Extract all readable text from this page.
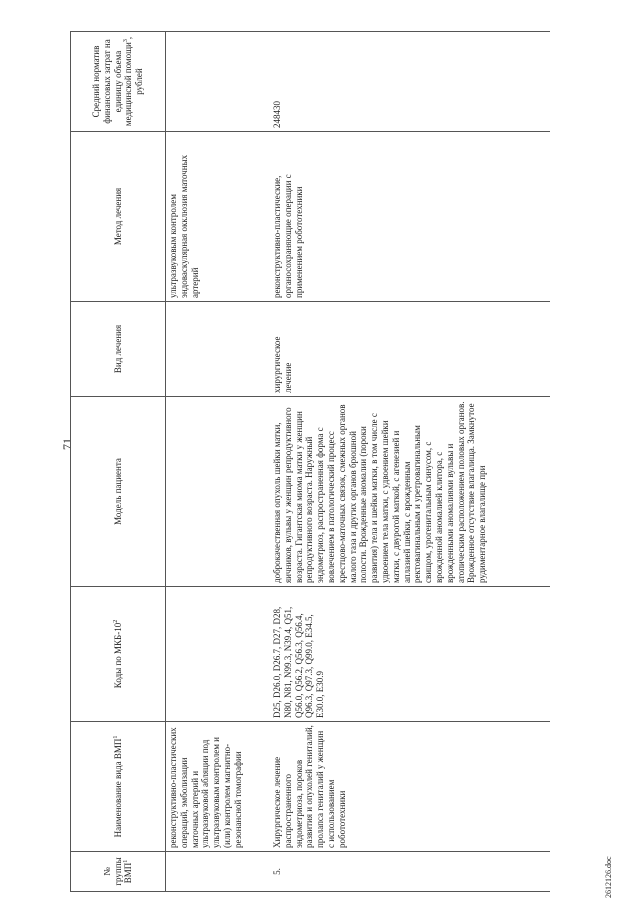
71
2612126.doc
№ группы ВМП$^1$	Наименование вида ВМП$^1$	Коды по МКБ-$10^2$	Модель пациента	Вид лечения	Метод лечения	Средний норматив финансовых затрат на единицу объема медицинской помощи$^3$, рублей
	реконструктивно-пластических операций, эмболизации маточных артерий и ультразвуковой абляции под ультразвуковым контролем и (или) контролем магнитно-резонансной томографии				ультразвуковым контролем эндоваскулярная окклюзия маточных артерий	
5.	Хирургическое лечение распространенного эндометриоза, пороков развития и опухолей гениталий, пролапса гениталий у женщин с использованием робототехники	D25, D26.0, D26.7, D27, D28, N80, N81, N99.3, N39.4, Q51, Q56.0, Q56.2, Q56.3, Q56.4, Q96.3, Q97.3, Q99.0, E34.5, E30.0, E30.9	доброкачественная опухоль шейки матки, яичников, вульвы у женщин репродуктивного возраста. Гигантская миома матки у женщин репродуктивного возраста. Наружный эндометриоз, распространенная форма с вовлечением в патологический процесс крестцово-маточных связок, смежных органов малого таза и других органов брюшной полости. Врожденные аномалии (пороки развития) тела и шейки матки, в том числе с удвоением тела матки, с удвоением шейки матки, с двурогой маткой, с агенезией и аплазией шейки, с врожденным ректовагинальным и уретровагинальным свищом, урогенитальным синусом, с врожденной аномалией клитора, с врожденными аномалиями вульвы и атопическим расположением половых органов. Врожденное отсутствие влагалища. Замкнутое рудиментарное влагалище при	хирургическое лечение	реконструктивно-пластические, органосохраняющие операции с применением робототехники	248430
